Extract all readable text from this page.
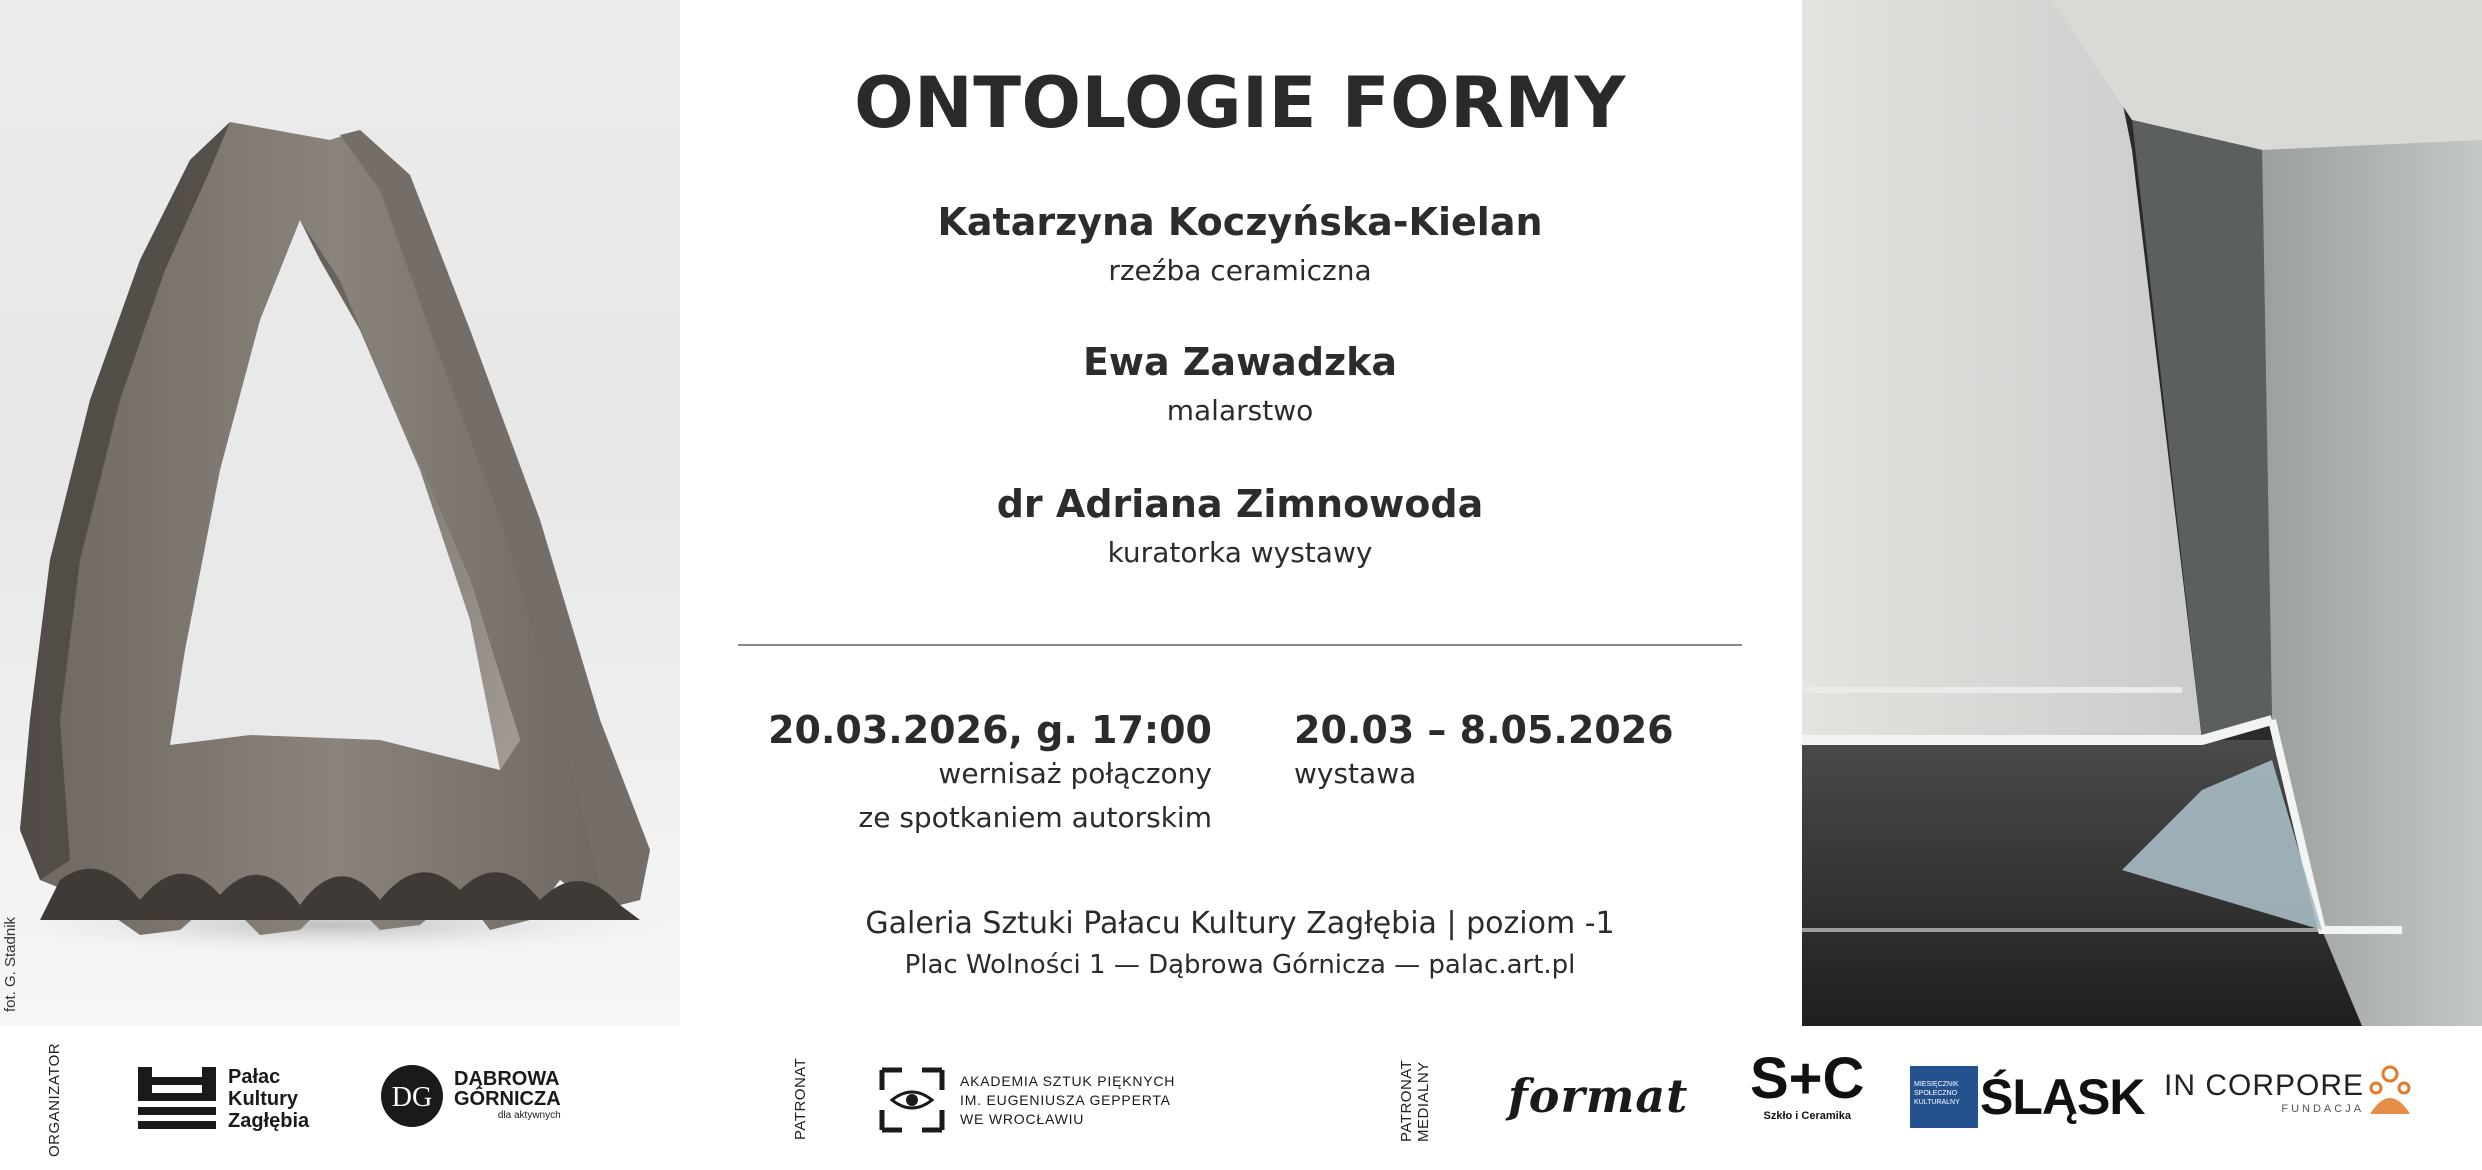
fot. G. Stadnik
ONTOLOGIE FORMY
Katarzyna Koczyńska-Kielan
rzeźba ceramiczna
Ewa Zawadzka
malarstwo
dr Adriana Zimnowoda
kuratorka wystawy
20.03.2026, g. 17:00
wernisaż połączony
ze spotkaniem autorskim
20.03 – 8.05.2026
wystawa
Galeria Sztuki Pałacu Kultury Zagłębia | poziom -1
Plac Wolności 1 — Dąbrowa Górnicza — palac.art.pl
ORGANIZATOR	Pałac
Kultury
Zagłębia
DG
DĄBROWA
GÓRNICZA
dla aktywnych	PATRONAT	AKADEMIA SZTUK PIĘKNYCH
IM. EUGENIUSZA GEPPERTA
WE WROCŁAWIU	PATRONAT MEDIALNY format S+C
Szkło i Ceramika
MIESIĘCZNIK SPOŁECZNO KULTURALNY ŚLĄSK IN CORPORE
FUNDACJA
